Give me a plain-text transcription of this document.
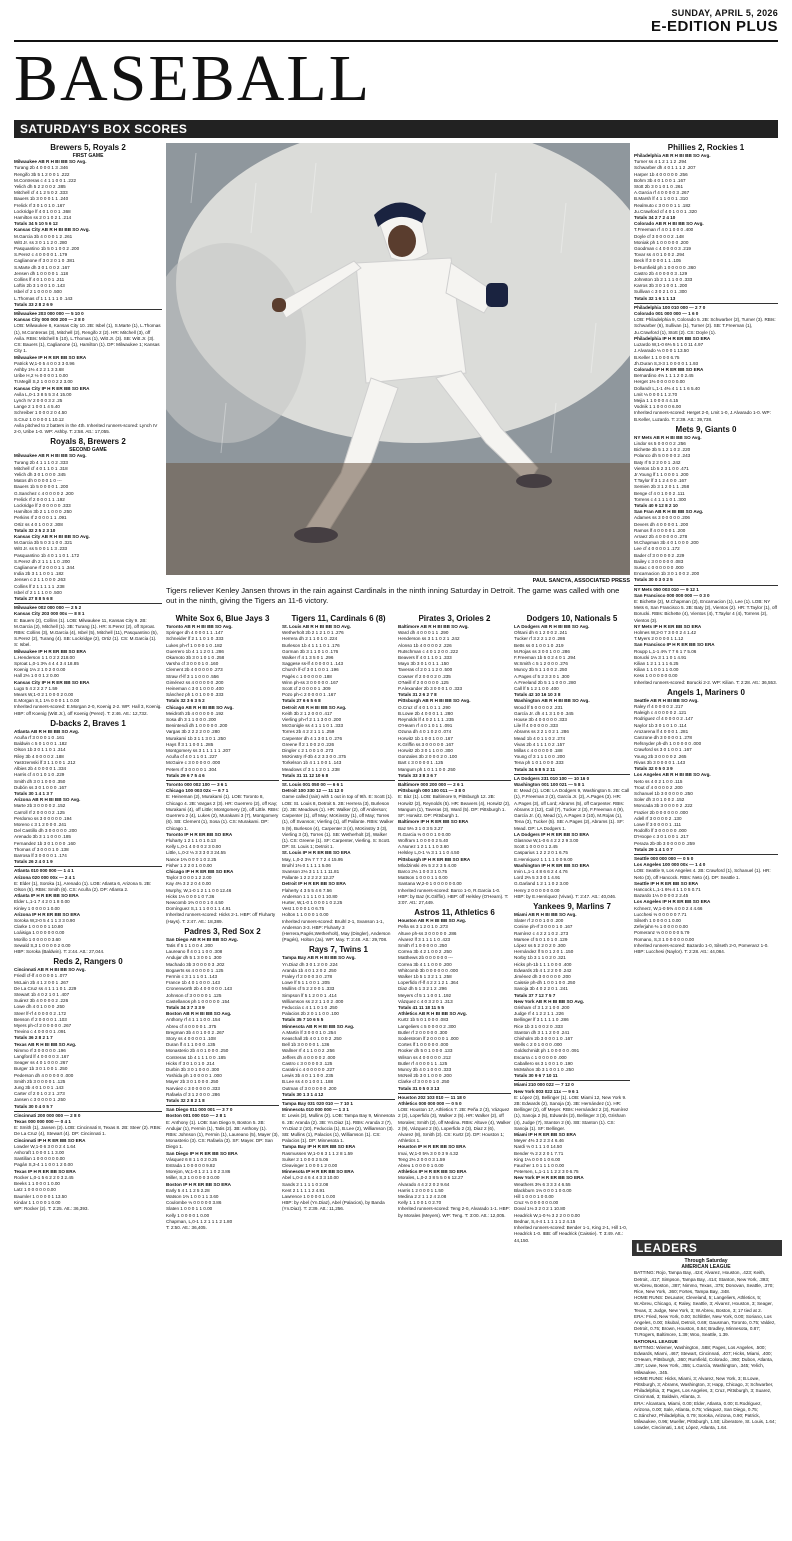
SUNDAY, APRIL 5, 2026
E-EDITION PLUS
BASEBALL
SATURDAY'S BOX SCORES
Brewers 5, Royals 2
FIRST GAME
Milwaukee AB R H BI BB SO Avg.
Turang 2b 4 0 0 0 1 3 .346
Rengifo 3b 5 1 2 0 0 1 .222
M.Contreras c 4 1 1 0 0 1 .222
Yelich dh 5 2 2 0 0 2 .385
Mitchell cf 4 1 2 5 0 2 .333
Bauers 1b 3 0 0 0 1 1 .240
Frelick rf 3 0 1 0 1 0 .167
Lockridge lf 4 0 1 0 0 1 .368
Hamilton ss 2 0 1 0 2 1 .214
Totals 34 5 10 5 6 12
Kansas City AB R H BI BB SO Avg.
M.Garcia 3b 4 0 0 0 1 2 .261
Witt Jr. ss 3 0 1 1 2 0 .280
Pasquantino 1b 5 0 1 0 0 2 .200
S.Perez c 4 0 0 0 0 1 .179
Caglianone rf 3 0 2 0 1 0 .381
S.Marte dh 3 0 1 0 0 2 .167
Jensen dh 1 0 0 0 0 1 .118
Collins lf 4 0 1 0 0 1 .211
Loftin 2b 3 1 0 0 1 0 .143
Isbel cf 2 1 0 0 0 0 .500
L.Thomas cf 1 1 1 1 1 0 .143
Totals 33 2 8 2 6 9
Milwaukee 203 000 000 — 5 10 0
Kansas City 000 000 200 — 2 8 0

LOB: Milwaukee 8, Kansas City 10. 2B: Isbel (1), S.Marte (1), L.Thomas (1), M.Contreras (3), Mitchell (2), Rengifo 2 (2). HR: Mitchell (3), off Avila. RBIs: Mitchell 5 (10), L.Thomas (1), Witt Jr. (3). SB: Witt Jr. (3). CS: Bauers (1), Caglianone (1), Hamilton (1). DP: Milwaukee 1; Kansas City 1.

Milwaukee IP H R ER BB SO ERA
Patrick W,1-0 5 4 0 0 3 3 0.96
Ashby 1⅔ 4 2 2 1 3 3.68
Uribe H,2 ⅓ 0 0 0 0 1 0.00
Tr.Megill S,2 1 0 0 0 2 2 3.00
Kansas City IP H R ER BB SO ERA
Avila L,0-1 3 8 5 5 3 4 15.00
Lynch IV 2 0 0 0 3 2 .25
Lange 2 1 0 0 1 4 5.40
Schreiber 1 0 0 0 2 0 4.50
S.Cruz 1 0 0 0 0 1 10.12

Avila pitched to 2 batters in the 4th. Inherited runners-scored: Lynch IV 2-0, Uribe 1-0. WP: Ashby. T: 2:58. Att.: 17,055.

Royals 8, Brewers 2
SECOND GAME
Milwaukee AB R H BI BB SO Avg.
Turang 2b 4 1 1 1 0 2 .333
Mitchell cf 4 0 1 1 0 1 .318
Yelich dh 3 0 1 0 0 0 .345
Matos dh 0 0 0 0 1 0 ---
Bauers 1b 5 0 0 0 0 1 .200
G.Sanchez c 4 0 0 0 0 2 .200
Frelick rf 2 0 0 0 1 1 .192
Lockridge lf 2 0 0 0 0 0 .333
Hamilton 3b 2 1 1 0 0 0 .250
Perkins rf 2 0 0 0 1 1 .091
Ortiz ss 4 0 1 0 0 2 .308
Totals 32 2 5 2 3 10
Kansas City AB R H BI BB SO Avg.
M.Garcia 3b 5 0 3 1 0 0 .321
Witt Jr. ss 5 0 0 1 1 3 .233
Pasquantino 1b 4 0 1 1 0 1 .172
S.Perez dh 2 1 1 1 1 0 .200
Caglianone rf 2 0 0 0 1 1 .344
India 2b 3 1 1 0 0 1 .182
Jensen c 2 1 1 0 0 0 .263
Collins lf 2 1 1 1 1 1 .238
Isbel cf 2 1 1 1 0 0 .500
Totals 27 8 8 5 6 8
Milwaukee 002 000 000 — 2 5 2
Kansas City 203 000 00x — 8 8 1

E: Bauers (2), Collins (1). LOB: Milwaukee 11, Kansas City 9. 2B: M.Garcia (2), Mitchell (1). 3B: Turang (1). HR: S.Perez (2), off Sproat. RBIs: Collins (3), M.Garcia (4), Isbel (5), Mitchell (11), Pasquantino (5), S.Perez (2), Turang (4). SB: Lockridge (2), Ortiz (1). CS: M.Garcia (1). S: Isbel.

Milwaukee IP H R ER BB SO ERA
L.Henderson 1 1 0 2 2 218.00
Sproat L,0-1 3⅔ 4 4 4 3 4 18.85
Koenig 1⅓ 2 1 0 2 0 0.00
Hall 2⅓ 1 0 0 1 2 0.00
Kansas City IP H R ER BB SO ERA
Lugo 5 4 2 2 2 7 1.59
Mears W,1-0 2 1 0 0 0 2 0.00
E.Morgan S,1 1⅔ 0 0 0 1 1 0.00

Inherited runners-scored: E.Morgan 2-0, Koenig 2-2. WP: Hall 3, Koenig. HBP: off Koenig (Witt Jr.), off Koenig (Perez). T: 2:46. Att.: 12,732.

D-backs 2, Braves 1
Atlanta AB R H BI BB SO Avg.
Acuña rf 3 0 0 0 1 0 .161
Baldwin c 5 0 1 0 0 1 .182
Olson 1b 3 0 1 1 0 1 .314
Riley 3b 4 0 0 0 0 2 .188
Yastrzemski lf 3 1 1 0 0 1 .212
Albies 2b 4 0 0 0 0 1 .334
Harris cf 4 0 1 0 1 0 .229
Smith dh 3 0 1 0 0 0 .350
Dubón ss 3 0 1 0 0 0 .167
Totals 30 1 4 1 3 7
Arizona AB R H BI BB SO Avg.
Marte 2b 3 0 0 0 0 2 .152
Carroll rf 2 0 0 0 0 2 .125
Perdomo ss 3 0 0 0 0 0 .194
Moreno c 3 1 2 0 0 0 .241
Del Castillo dh 3 0 0 0 0 0 .200
Arenado 3b 3 1 1 0 0 0 .185
Fernandez 1b 3 0 1 0 0 0 .160
Thomas cf 3 0 0 0 1 0 .138
Barrosa lf 3 0 0 0 0 1 .174
Totals 26 2 4 0 1 9
Atlanta 010 000 000 — 1 4 1
Arizona 020 000 00x — 2 4 1

E: Elder (1), Soroka (1), Arenado (1). LOB: Atlanta 6, Arizona 5. 2B: Olson (5). RBIs: Smith (6). CS: Acuña (2). DP: Atlanta 2.

Atlanta IP H R ER BB SO ERA
Elder L,1-1 7 4 2 0 1 8 0.00
Kinley 1 0 0 0 0 1 0.00
Arizona IP H R ER BB SO ERA
Soroka W,2-0 5 4 1 1 3 3 0.90
Clarke 1 0 0 0 0 1 10.80
Loáisiga 1 0 0 0 0 0 0.00
Morillo 1 0 0 0 0 0 3.60
Sewald S,3 1 0 0 0 0 2 0.00

HBP: Soroka (Baldwin). T: 2:44. Att.: 27,044.

Reds 2, Rangers 0
Cincinnati AB R H BI BB SO Avg.
Friedl cf-lf 4 0 0 0 0 1 .077
McLain 2b 4 1 2 0 0 1 .267
De La Cruz ss 4 1 1 1 0 1 .229
Stewart 1b 4 0 2 1 0 1 .407
Suárez 3b 4 0 0 0 0 2 .226
Lowe dh 4 0 1 0 0 0 .250
Steer lf-rf 4 0 0 0 0 2 .172
Benson rf 2 0 0 0 0 1 .103
Myers ph-cf 2 0 0 0 0 0 .267
Trevino c 4 0 0 0 0 1 .091
Totals 36 2 8 2 1 7
Texas AB R H BI BB SO Avg.
Nimmo rf 3 0 0 0 0 0 .196
Langford lf 4 0 0 0 0 3 .167
Seager ss 4 0 1 0 0 0 .267
Burger 1b 3 0 1 0 0 1 .250
Pederson dh 4 0 0 0 0 0 .000
Smith 2b 3 0 0 0 0 1 .125
Jung 3b 4 0 1 0 0 1 .143
Carter cf 2 0 1 0 2 1 .273
Jansen c 3 0 0 0 0 1 .250
Totals 30 0 4 0 5 7
Cincinnati 200 000 000 — 2 8 0
Texas 000 000 000 — 0 4 1

E: Smith (1), Jansen (2). LOB: Cincinnati 8, Texas 8. 2B: Steer (2). RBIs: De La Cruz (4), Stewart (4). DP: Cincinnati 1.

Cincinnati IP H R ER BB SO ERA
Lowder W,1-0 6 3 0 0 2 4 1.64
Ashcraft 1 0 0 0 1 1 3.00
Santillan 1 0 0 0 0 0 0.00
Pagán S,3-4 1 1 0 0 1 2 0.00
Texas IP H R ER BB SO ERA
Rocker L,0-1 5 6 2 2 0 3 2.45
Beeks 1 1 0 0 0 1 0.00
Latz 1 0 0 0 0 0 0.00
Baumler 1 0 0 0 0 1 13.50
Kindar 1 1 0 0 0 1 0.00

WP: Rocker (2). T: 2:25. Att.: 36,393.

PAUL SANCYA, ASSOCIATED PRESS
Tigers reliever Kenley Jansen throws in the rain against Cardinals in the ninth inning Saturday in Detroit. The game was called with one out in the ninth, giving the Tigers an 11-6 victory.
White Sox 6, Blue Jays 3
Toronto AB R H BI BB SO Avg.
Springer dh 4 0 0 0 1 1 .147
Schneider lf 2 1 1 0 1 0 .333
Lukes ph-rf 1 0 0 0 1 0 .182
Guerrero 1b 4 1 1 2 0 1 .286
Okamoto 3b 3 0 1 0 1 0 .258
Varsho cf 3 0 0 0 1 0 .160
Clement 2b 4 0 0 0 0 0 .273
Straw rf-lf 3 1 1 0 0 0 .556
Giménez ss 4 0 0 0 0 0 .200
Heineman c 3 0 1 0 0 0 .400
Sánchez ph 1 0 1 0 0 0 .333
Totals 32 3 6 3 5 2
Chicago AB R H BI BB SO Avg.
Meidroth 2b 4 0 0 0 0 0 .192
Sosa dh 3 1 1 0 0 0 .200
Benintendi dh 1 0 0 0 0 0 .200
Vargas 3b 2 2 2 2 0 0 .280
Murakami 1b 3 1 1 3 0 1 .250
Hays lf 3 1 1 0 0 1 .285
Montgomery ss 3 1 1 1 1 1 .207
Acuña cf 4 0 1 1 0 1 .227
McGuire c 3 0 0 0 0 0 .000
Peters rf 3 0 0 0 0 1 .304
Totals 29 6 7 5 4 6
Toronto 000 002 100 — 3 6 1
Chicago 100 003 02x — 6 7 1

E: Heineman (2), Murakami (1). LOB: Toronto 8, Chicago 4. 2B: Vargas 2 (3). HR: Guerrero (2), off Kay; Murakami (4), off Little; Montgomery (2), off Little. RBIs: Guerrero 2 (4), Lukes (2), Murakami 3 (7), Montgomery (6). SB: Clement (1), Sosa (1). CS: Murakami. DP: Chicago 1.

Toronto IP H R ER BB SO ERA
Fluharty 1 2 1 1 0 1 0.13
Kelly L,0-1 4 0 0 0 2 3 0.00
Little, L,0-2 ⅓ 3 3 3 0 3 24.55
Nance 1⅔ 0 0 0 1 0 2.25
Fisher 1 2 2 0 1 0 0.00
Chicago IP H R ER BB SO ERA
Taylor 3 0 0 0 1 2 2.00
Kay 4⅔ 3 2 2 0 4 0.00
Murphy, W,1-0 1 2 1 1 0 0 12.46
Hicks 1⅓ 0 0 0 1 0 7.36
Newcomb 1⅔ 0 0 0 1 0 4.50
Domínguez S,1 1 1 0 0 1 1 4.91

Inherited runners-scored: Hicks 2-1. HBP: off Fluharty (Hays). T: 2:47. Att.: 18,389.

Padres 3, Red Sox 2
San Diego AB R H BI BB SO Avg.
Tatis rf 5 1 1 0 0 4 .200
Laureano lf 4 0 1 1 0 0 .308
Andujar dh 5 1 3 0 0 1 .300
Machado 3b 3 0 0 0 0 3 .202
Bogaerts ss 4 0 0 0 0 1 .125
Fermin c 3 1 1 1 0 1 .143
France 1b 4 0 1 0 0 0 .143
Cronenworth 2b 4 0 0 0 0 0 .143
Johnson cf 3 0 0 0 0 1 .125
Castellanos ph 1 0 0 0 0 0 .154
Totals 34 3 7 3 3 9
Boston AB R H BI BB SO Avg.
Anthony rf 4 1 1 1 0 0 .154
Abreu cf 4 0 0 0 0 1 .375
Bregman 3b 4 0 1 0 0 2 .267
Story ss 4 0 0 0 0 1 .108
Duran lf 4 1 1 0 0 0 .135
Monasterio 2b 4 0 1 0 0 0 .250
Contreras 1b 4 1 1 1 0 0 .185
Hicks rf 3 0 1 0 1 0 .214
Durbin 3b 3 0 1 0 0 0 .300
Yoshida ph 1 0 0 0 0 1 .000
Mayer 2b 3 0 1 0 0 0 .250
Narváez c 3 0 0 0 0 0 .333
Rafaela cf 3 1 2 0 0 0 .286
Totals 32 2 8 2 1 8
San Diego 011 000 001 — 3 7 0
Boston 001 000 010 — 2 8 1

E: Anthony (1). LOB: San Diego 9, Boston 5. 2B: Andujar (1), Fermin (1), Tatis (2). 3B: Anthony (1). RBIs: Johnson (1), Fermin (1), Laureano (5), Mayer (3), Monasterio (3). CS: Rafaela (3). SF: Mayer. DP: San Diego 1.

San Diego IP H R ER BB SO ERA
Vásquez 6 8 1 1 0 2 0.25
Estrada 1 0 0 0 0 0 9.82
Morejon, W,1-0 1 2 1 1 0 2 3.86
Miller, S,3 1 0 0 0 0 3 0.00
Boston IP H R ER BB SO ERA
Early 5 4 1 1 2 5 2.28
Watson 1⅔ 1 0 0 1 1 3.60
Coulombe ⅓ 0 0 0 0 0 3.86
Slaten 1 0 0 0 1 1 0.00
Kelly 1 0 0 0 0 1 0.00
Chapman, L,0-1 1 2 1 1 1 2 1.80

T: 2:50. Att.: 36,405.

Tigers 11, Cardinals 6 (8)
St. Louis AB R H BI BB SO Avg.
Wetherholt 2b 2 1 2 1 0 1 .276
Herrera dh 2 1 1 0 1 0 .224
Burleson 1b 4 1 1 1 0 1 .176
Gorman 3b 3 1 1 0 1 0 .176
Walker rf 4 1 3 5 0 1 .296
Saggese ss-lf 4 0 0 0 0 1 .143
Church lf-cf 3 0 1 0 0 1 .196
Pagés c 1 0 0 0 0 0 .188
Winn ph-ss 3 0 0 0 0 0 .167
Scott cf 2 0 0 0 0 1 .309
Pozo ph-c 2 0 0 0 0 1 .167
Totals 27 6 6 5 6 8
Detroit AB R H BI BB SO Avg.
Keith 3b 2 1 2 0 0 0 .417
Vierling ph-rf 2 1 1 3 0 0 .200
McGonigle ss 4 1 1 1 0 1 .333
Torres 2b 4 2 2 1 1 1 .259
Carpenter dh 4 1 3 0 1 0 .276
Greene lf 2 1 0 0 2 0 .226
Dingler c 2 1 0 0 1 0 .273
McKinstry rf-3b 4 2 3 3 0 0 .375
Torkelson 1b 4 1 1 0 0 1 .143
Meadows cf 3 1 1 2 0 1 .238
Totals 31 11 12 10 6 8
St. Louis 001 050 00 — 6 6 1
Detroit 100 330 12 — 11 12 0

Game called (rain) with 1 out in top of 9th. E: Scott (1). LOB: St. Louis 8, Detroit 5. 2B: Herrera (3), Burleson (2). 3B: Meadows (1). HR: Walker (2), off Anderson; Carpenter (1), off May; McKinstry (1), off May; Torres (1), off Svanson; Vierling (1), off Pallante. RBIs: Walker 5 (9), Burleson (4), Carpenter 3 (4), McKinstry 3 (3), Vierling 3 (3), Torres (1). SB: Wetherholt (2), Walker (1). CS: Greene (1). SF: Carpenter, Vierling. S: Scott. DP: St. Louis 1; Detroit 1.

St. Louis IP H R ER BB SO ERA
May, L,0-2 3⅓ 7 7 7 2 4 15.95
Bruihl 1⅔ 0 1 1 1 1 5.06
Svanson 2⅓ 3 1 1 1 1 11.81
Pallante 1 2 2 2 2 2 12.27
Detroit IP H R ER BB SO ERA
Flaherty 4 3 5 5 4 6 7.56
Anderson 1 1 1 1 0 1 10.80
Hurter, W,1-0 1 0 0 0 1 0 2.25
Vest 1 0 0 0 1 0 6.75
Holton 1 1 0 0 0 1 0.00

Inherited runners-scored: Bruihl 2-1, Svanson 1-1, Anderson 3-3. HBP: Fluharty 3 (Herrera,Pagés,Wetherholt), May (Dingler), Anderson (Pagés), Holton (Ja). WP: May. T: 2:48. Att.: 29,708.

Rays 7, Twins 1
Tampa Bay AB R H BI BB SO Avg.
Yn.Diaz dh 3 0 1 2 0 0 .224
Aranda 1b 4 0 1 2 0 2 .250
Fraley rf 2 0 0 0 3 0 .278
Lowe lf 5 1 1 0 0 1 .205
Mullins cf 5 2 2 0 0 1 .333
Simpson lf 5 1 2 0 0 1 .414
Williamson ss 2 2 1 1 0 2 .000
Feduccia c 4 1 1 0 1 0 .250
Palacios 2b 2 0 1 1 0 0 .100
Totals 35 7 10 6 5 5
Minnesota AB R H BI BB SO Avg.
A.Martin lf 3 0 0 0 1 0 .254
Keaschall 2b 4 0 1 0 0 2 .250
Bell 1b 3 0 0 0 0 1 .136
Wallner rf 4 1 1 0 0 2 .256
Jeffers dh 4 0 0 0 0 2 .000
Castro c 3 0 0 0 0 3 .125
Caratini c 4 0 0 0 0 0 .227
Lewis 3b 4 0 1 1 0 0 .235
B.Lee ss 4 0 1 0 0 1 .188
Outman cf 3 0 0 0 0 0 .200
Totals 30 1 3 1 4 12
Tampa Bay 031 020 010 — 7 10 1
Minnesota 010 000 000 — 1 3 1

E: Lewis (2), Mullins (2). LOB: Tampa Bay 9, Minnesota 6. 2B: Aranda (2). 3B: Yn.Diaz (1). RBIs: Aranda 2 (7), Yn.Diaz 2 (10), Feduccia (1), B.Lee (2), Williamson (3). SB: Mullins (1), Palacios (1), Williamson (1). CS: Palacios (1). DP: Minnesota 1.

Tampa Bay IP H R ER BB SO ERA
Rasmussen W,1-0 6 3 1 1 2 8 1.59
Sulser 2 1 0 0 0 2 5.06
Cleavinger 1 0 0 0 1 2 0.00
Minnesota IP H R ER BB SO ERA
Abel L,0-2 4 6 4 4 3 3 10.00
Sands 2 1 1 1 1 0 2.08
Kent 2 1 1 1 1 2 4.91
Lawrence 1 0 0 0 0 1 0.00

HBP: by Abel (Yn.Diaz), Abel (Palacios), by Banda (Yn.Diaz). T: 2:39. Att.: 11,256.

Pirates 3, Orioles 2
Baltimore AB R H BI BB SO Avg.
Ward dh 4 0 0 0 1 1 .290
Henderson ss 3 1 1 0 2 1 .242
Alonso 1b 4 0 0 0 0 2 .226
Rutschman c 4 0 1 2 0 0 .222
Beavers lf 4 0 1 1 0 1 .333
Mayo 3b 3 0 1 0 1 1 .150
Taveras cf 2 0 1 1 2 0 .500
Cowser rf 2 0 0 0 2 0 .235
O'Neill rf 2 0 0 0 0 0 .125
P.Alexander 2b 3 0 0 0 1 0 .333
Totals 31 2 6 2 7 8
Pittsburgh AB R H BI BB SO Avg.
O.Cruz cf 4 0 1 0 1 1 .290
B.Lowe 2b 4 0 0 0 1 1 .280
Reynolds lf 4 0 2 1 1 1 .235
O'Hearn rf 4 0 1 0 1 1 .091
Ozuna dh 4 0 1 0 2 0 .074
Horwitz 1b 1 0 0 1 0 0 .167
K.Griffin ss 3 0 0 0 0 0 .167
Horwitz 2b 3 0 1 1 0 0 .300
Gonzales 3b 2 0 0 0 2 0 .100
Bart c 3 0 0 0 0 1 .125
Mangum ph 1 0 1 1 0 0 .250
Totals 33 3 8 3 6 7
Baltimore 000 200 000 — 2 6 1
Pittsburgh 000 100 011 — 3 8 0

E: Bàz (1). LOB: Baltimore 9, Pittsburgh 12. 2B: Horwitz (2), Reynolds (5). HR: Beavers (4), Horwitz (2), Mangum (1), Taveras (3), Ward (5). DP: Pittsburgh 1. SF: Horwitz. DP: Pittsburgh 1.

Baltimore IP H R ER BB SO ERA
Baz 5⅔ 3 1 0 3 5 3.27
R.Garcia ⅓ 0 0 0 1 0 0.00
Wolfram 1 0 0 0 0 2 5.40
A.Nunez 1 2 1 1 1 0 3.60
Helsley L,0-1 ⅓ 3 1 1 1 0 4.50
Pittsburgh IP H R ER BB SO ERA
Mlodzinski 4⅔ 5 2 2 3 5 4.00
Barco 2⅓ 1 0 0 3 1 0.75
Mattson 1 0 0 0 1 1 0.00
Santana W,2-0 1 0 0 0 0 0 0.00

Inherited runners-scored: Barco 1-0, R.Garcia 1-0. HBP: by Baz (K.Griffin). HBP: off Helsley (O'Hearn). T: 3:07. Att.: 27,449.

Astros 11, Athletics 6
Houston AB R H BI BB SO Avg.
Peña ss 3 1 2 0 1 0 .273
Altuve ph-ss 3 0 0 0 0 0 .286
Alvarez lf 3 1 1 1 1 0 .423
Smith rf 1 0 0 0 0 0 .250
Correa 3b 4 2 1 0 0 2 .250
Matthews 2b 0 0 0 0 0 0 ---
Correa 3b 4 1 1 0 0 0 .200
Whitcomb 3b 0 0 0 0 0 0 .000
Walker 1b 5 1 3 2 1 1 .258
Loperfido rf-lf 4 2 2 1 2 1 .364
Diaz dh 5 1 3 2 1 2 .296
Meyers cf 5 1 1 0 0 1 .192
Vázquez c 4 0 3 2 0 1 .313
Totals 41 11 18 11 5 5
Athletics AB R H BI BB SO Avg.
Kurtz 1b 5 0 1 0 0 0 .083
Langeliers c 5 0 0 0 0 2 .300
Butler rf 2 0 0 0 0 0 .300
Soderstrom lf 2 0 0 0 0 1 .000
Cortes lf 1 0 0 0 0 0 .000
Rooker dh 5 0 1 0 0 0 .133
Wilson ss 4 0 0 0 0 0 .212
Butler rf 4 0 0 0 1 1 .125
Muncy 3b 4 0 1 0 0 0 .333
McNeil 2b 3 0 1 0 0 0 .200
Clarke cf 3 0 0 0 1 0 .250
Totals 31 0 5 0 3 13
Houston 202 103 010 — 11 18 0
Athletics 000 000 000 — 0 5 0

LOB: Houston 17, Athletics 7. 2B: Peña 2 (3), Vázquez 2 (2), Loperfido (3), Walker 2 (5). HR: Walker (2), off Morales; Smith (2), off Medina. RBIs: Altuve (4), Walker 2 (9), Vázquez 2 (5), Loperfido 2 (3), Diaz 2 (6), Alvarez (8), Smith (2). CS: Kurtz (2). DP: Houston 1; Athletics 1.

Houston IP H R ER BB SO ERA
Imai, W,1-0 5⅔ 3 0 0 3 9 4.32
Teng 2⅓ 2 0 0 0 3 1.59
Abreu 1 0 0 0 0 1 0.00
Athletics IP H R ER BB SO ERA
Morales, L,0-2 3 8 5 5 0 6 12.27
Alvarado 4 4 2 2 0 2 9.64
Harris 1 2 0 0 0 1 1.50
Medina 2 2 1 1 2 4 2.08
Kelly 1 1 0 0 1 0 2.70

Inherited runners-scored: Teng 2-0, Alvarado 1-1. HBP: by Morales (Meyers). WP: Teng. T: 3:00. Att.: 12,005.

Dodgers 10, Nationals 5
LA Dodgers AB R H BI BB SO Avg.
Ohtani dh 6 1 2 0 0 2 .241
Tucker rf 3 2 2 1 2 0 .286
Betts ss 0 1 0 0 1 0 .219
M.Rojas ss 3 0 0 1 0 0 .286
F.Freeman 1b 5 0 2 4 0 1 .294
W.Smith c 5 1 2 0 0 0 .276
Muncy 3b 5 1 1 0 0 2 .250
A.Pages cf 5 2 3 3 0 1 .300
A.Freeland 2b 5 1 1 0 0 0 .280
Call lf 5 1 2 1 0 0 .400
Totals 42 10 16 10 3 8
Washington AB R H BI BB SO Avg.
Wood lf 5 0 0 0 0 2 .231
García Jr. dh 4 1 3 1 0 0 .345
House 3b 4 0 0 0 0 0 .333
Lile lf 4 0 0 0 0 0 .333
Abrams ss 2 2 1 0 2 1 .286
Mead 1b 4 0 1 1 0 2 .274
Vivas 2b 4 1 1 1 0 2 .157
Millas c 4 0 0 0 0 0 .188
Young cf 3 1 1 1 0 0 .200
Tena ph 1 0 1 0 0 0 .333
Totals 34 5 8 5 2 11
LA Dodgers 231 010 100 — 10 16 0
Washington 001 100 021 — 5 8 1

E: Mead (1). LOB: LA Dodgers 9, Washington 5. 2B: Call (1), F.Freeman 2 (3), García Jr. (2), A.Pages (3). HR: A.Pages (3), off Lord; Abrams (5), off Carpenter. RBIs: Abrams 2 (12), Call (7), Tucker 2 (3), F.Freeman 4 (9), García Jr. (4), Mead (1), A.Pages 3 (10), M.Rojas (1), Tena (3), Tucker (5). SB: A.Pages (2), Abrams (1). SF: Mead. DP: LA Dodgers 1.

LA Dodgers IP H R ER BB SO ERA
Glasnow W,1-0 6 4 2 2 2 9 3.00
Scott 1 0 0 0 0 1 2.45
Casparius 1 2 2 2 0 1 6.75
E.Henriquez 1 1 1 1 0 0 9.00
Washington IP H R ER BB SO ERA
Irvin L,1-1 4 8 6 6 2 4 4.76
Lord 2⅔ 5 3 3 0 1 4.91
G.Garland 1 2 1 1 0 2 3.00
Henry 2 0 0 0 0 0 0.00

HBP: by E.Henriquez (Vivas). T: 2:47. Att.: 40,046.

Yankees 9, Marlins 7
Miami AB R H BI BB SO Avg.
Slater rf 2 0 0 1 0 0 .200
Conine ph-rf 3 0 0 0 1 0 .167
Ramírez c 4 2 2 1 0 2 .273
Marsee cf 5 0 1 0 1 0 .129
López ss 5 2 2 0 2 0 .300
Hernández lf 5 0 1 2 0 1 .150
Norby 1b 3 1 1 0 2 0 .321
Hicks ph-1b 1 1 1 0 0 0 .400
Edwards 2b 4 1 2 2 0 0 .242
Jiménez dh 3 0 0 0 0 0 .200
Caissie ph-dh 1 0 0 1 0 0 .250
Sanoja 3b 4 0 2 2 0 1 .241
Totals 37 7 12 7 5 7
New York AB R H BI BB SO Avg.
Grisham cf 3 1 2 1 0 0 .200
Judge rf 4 1 2 2 1 1 .226
Bellinger lf 3 1 1 1 1 0 .286
Rice 1b 3 1 0 0 2 0 .333
Stanton dh 3 1 1 2 0 0 .241
Chisholm 2b 3 0 0 0 1 0 .167
Wells c 2 0 1 0 0 0 .000
Goldschmidt ph 1 0 0 0 0 0 .091
Escarra c 1 0 0 0 0 0 .000
Caballero ss 3 1 0 0 1 0 .190
McMahon 3b 3 1 0 0 1 0 .250
Totals 30 9 6 7 10 11
Miami 210 000 022 — 7 12 0
New York 003 022 11x — 9 6 1

E: López (3), Bellinger (1). LOB: Miami 12, New York 9. 2B: Edwards (2), Sanoja (3). 3B: Hernández (1). HR: Bellinger (2), off Meyer. RBIs: Hernández 2 (3), Ramírez (1), Sanoja 2 (5), Edwards (2), Bellinger 3 (3), Grisham (4), Judge (7), Stanton 2 (6). SB: Stanton (1). CS: Sanoja (1). SF: Bellinger.

Miami IP H R ER BB SO ERA
Meyer 4⅔ 3 2 2 3 4 6.46
Nardi ⅓ 0 1 1 1 0 14.50
Bender ⅔ 2 2 2 0 1 7.71
King 1⅓ 0 0 0 1 0 6.00
Faucher 1 0 1 1 1 0 0.00
Petersen, L,1-1 1 1 2 2 3 0 6.75
New York IP H R ER BB SO ERA
Weathers 3⅔ 6 3 3 3 4 6.55
Blackburn 1⅓ 0 0 0 1 0 0.00
Hill 1 0 0 0 1 0 0.00
Cruz ⅔ 0 0 0 0 0 0.00
Doval 1⅓ 3 2 0 2 1 10.80
Headrick W,1-0 ⅔ 3 2 2 0 0 0.00
Bednar, S,4-4 1 1 1 1 1 2 4.15

Inherited runners-scored: Bender 1-1, King 2-1, Hill 1-0, Headrick 1-0. IBB: off Headrick (Caissie). T: 3:49. Att.: 44,150.

Phillies 2, Rockies 1
Philadelphia AB R H BI BB SO Avg.
Turner ss 4 1 2 1 1 2 .294
Schwarber dh 4 0 1 1 1 2 .207
Harper 1b 4 0 0 0 0 0 .256
Bohm 3b 4 0 1 0 0 1 .167
Stott 2b 3 0 1 0 1 0 .261
A.Garcia rf 4 0 0 0 0 3 .267
B.Marsh lf 4 1 1 0 0 1 .310
Realmuto c 3 0 0 0 1 1 .182
Ju.Crawford cf 4 0 1 0 0 1 .320
Totals 34 2 7 2 4 10
Colorado AB R H BI BB SO Avg.
T.Freeman rf 4 0 1 0 0 0 .400
Doyle cf 3 0 0 0 0 2 .148
Moniak ph 1 0 0 0 0 0 .200
Goodman c 4 0 0 0 0 3 .219
Tovar ss 4 0 1 0 0 2 .294
Beck lf 3 0 0 0 1 1 .105
b-Rumfield ph 1 0 0 0 0 0 .360
Castro 2b 4 0 0 0 0 3 .129
Johnston 1b 2 1 1 1 0 0 .333
Karros 3b 3 0 1 0 0 1 .200
Sullivan c 3 0 2 1 0 1 .300
Totals 32 1 6 1 1 13
Philadelphia 100 010 000 — 2 7 0
Colorado 001 000 000 — 1 6 0

LOB: Philadelphia 9, Colorado 5. 2B: Schwarber (2), Turner (3). RBIs: Schwarber (6), Sullivan (1), Turner (2). SB: T.Freeman (1), Ju.Crawford (1), Stott (2). CS: Doyle (1).

Philadelphia IP H R ER BB SO ERA
Luzardo W,1-0 6⅔ 5 1 1 0 11 4.97
J.Alvarado ⅓ 0 0 0 1 13.50
B.Keller 1 1 0 0 0 6.75
Jh.Duran S,3-3 1 0 0 0 0 1 1.93
Colorado IP H R ER BB SO ERA
Bernardino 4⅓ 1 1 1 2 0 2.45
Herget 1⅔ 0 0 0 0 0 0.00
Dollandr L,1-1 4⅔ 4 1 1 1 6 5.40
Lmit ⅓ 0 0 0 1 1 2.70
Mejia 1 1 0 0 0 4 4.15
Vodnik 1 1 0 0 0 0 6.00

Inherited runners-scored: Herget 2-0, Lmit 1-0, J.Alvarado 1-0. WP: B.Keller, Luzardo. T: 2:39. Att.: 39,738.

Mets 9, Giants 0
NY Mets AB R H BI BB SO Avg.
Lindor ss 5 0 0 0 0 2 .256
Bichette 3b 5 1 2 1 0 2 .220
Polanco dh 5 0 0 0 0 2 .243
Baty rf 5 2 2 0 0 1 .242
Vientos 1b 5 2 3 1 0 0 .471
Jr.Young lf 1 1 0 0 0 1 .200
T.Taylor lf 3 1 2 4 0 0 .167
Semien 2b 3 1 2 0 1 1 .258
Benge cf 4 0 1 0 0 2 .111
Torrens c 4 1 1 1 0 1 .300
Totals 40 9 12 8 2 10
San Fran AB R H BI BB SO Avg.
Adames ss 3 0 0 0 0 0 .206
Devers dh 4 0 0 0 0 1 .200
Ramos lf 4 0 0 0 0 1 .200
Arraez 2b 4 0 0 0 0 0 .278
M.Chapman 3b 4 0 1 0 0 0 .200
Lee cf 4 0 0 0 0 1 .172
Bader cf 3 0 0 0 0 2 .229
Bailey c 3 0 0 0 0 0 .083
Susac c 0 0 0 0 0 0 .000
Encarnacion 1b 3 0 1 0 0 2 .200
Totals 30 0 3 0 2 5
NY Mets 050 003 010 — 9 12 1
San Francisco 000 000 000 — 0 3 0

E: Bichette (2), M.Chapman (2), Encarnacion (1), Lee (1). LOB: NY Mets 6, San Francisco 5. 2B: Baty (2), Vientos (2). HR: T.Taylor (1), off Borucki. RBIs: Bichette (4), Vientos (4), T.Taylor 4 (4), Torrens (2), Vientos (3).

NY Mets IP H R ER BB SO ERA
Holmes W,2-0 7 3 0 0 2 4 1.42
T.Myers 2 0 0 0 0 1 1.12
San Francisco IP H R ER BB SO ERA
Roupp L,1-1 4⅔ 7 7 6 1 7 5.06
Borucki 1⅓ 3 1 1 0 1 4.91
Kilian 1 2 1 1 1 1 6.25
Kilian 1 1 0 0 1 1 0.00
Kess 1 0 0 0 0 0 0.00

Inherited runners-scored: Borucki 2-2. WP: Kilian. T: 2:28. Att.: 36,553.

Angels 1, Mariners 0
Seattle AB R H BI BB SO Avg.
Raley rf 4 0 0 0 0 2 .217
Raleigh c 4 0 0 0 0 2 .121
Rodriguez cf 4 0 0 0 0 2 .147
Naylor 1b 3 0 1 0 1 0 .114
Arozarena lf 4 0 0 0 1 .281
Canzone dh 3 0 0 0 0 1 .278
Refsnyder ph-dh 1 0 0 0 0 0 .000
Crawford ss 3 0 1 0 0 1 .167
Young 2b 3 0 0 0 0 2 .265
Rivas 3b 3 0 0 0 0 1 .143
Totals 32 0 5 0 3 9
Los Angeles AB R H BI BB SO Avg.
Neto ss 4 0 2 1 0 0 .115
Trout cf 4 0 0 0 0 2 .200
Schanuel 1b 3 0 0 0 0 0 .250
Soler dh 3 0 1 0 0 2 .152
Moncada 3b 3 0 0 0 0 2 .222
Frazier 2b 0 0 0 0 0 0 .000
Adell rf 3 0 0 0 0 2 .130
Lowe lf 3 0 0 0 0 1 .111
Rodolfo lf 3 0 0 0 0 0 .000
D'Hoope c 3 0 1 0 0 1 .217
Peraza 2b-3b 3 0 0 0 0 0 .259
Totals 29 1 4 1 0 7
Seattle 000 000 000 — 0 5 0
Los Angeles 100 000 00x — 1 4 0

LOB: Seattle 9, Los Angeles 4. 2B: Crawford (1), Schanuel (1). HR: Neto (3), off Hancock. RBIs: Neto (4). DP: Seattle 1.

Seattle IP H R ER BB SO ERA
Hancock L,1-1 6⅔ 4 1 1 0 5 0.71
Bazardo 1⅓ 0 0 0 0 2 2.45
Los Angeles IP H R ER BB SO ERA
Kchnerz, W,1-0 5⅔ 4 0 0 2 4 4.66
Lucchesi ⅓ 0 0 0 0 0 7.71
Silseth 1 0 0 0 0 1 0.00
Zeferjahn ⅔ 1 0 0 0 0 0.00
Pomeranz ⅓ 0 0 0 0 0 5.79
Romano, S,3 1 0 0 0 0 0 0.00

Inherited runners-scored: Bazardo 1-0, Silseth 2-0, Pomeranz 1-0. HBP: Lucchesi (Naylor). T: 2:28. Att.: 44,084.

LEADERS
Through Saturday
AMERICAN LEAGUE

BATTING: Rojo, Tampa Bay, .424; Alvarez, Houston, .423; Keith, Detroit, .417; Simpson, Tampa Bay, .414; Stanton, New York, .393; W.Abreu, Boston, .387; Nimmo, Texas, .375; Donovan, Seattle, .370; Rice, New York, .360; Fortes, Tampa Bay, .348.

HOME RUNS: DeLauter, Cleveland, 5; Langeliers, Athletics, 5; W.Abreu, Chicago, 4; Raley, Seattle, 3; Alvarez, Houston, 3; Seager, Texas, 3; Judge, New York, 3; W.Abreu, Boston, 3; 17 tied at 2.

ERA: Fried, New York, 0.00; Schlittler, New York, 0.00; Soriano, Los Angeles, 0.00; Skubal, Detroit, 0.69; Gausman, Toronto, 0.75; Valdez, Detroit, 0.75; Brown, Houston, 0.84; Bradley, Minnesota, 0.87; Tr.Rogers, Baltimore, 1.39; Woo, Seattle, 1.39.

NATIONAL LEAGUE

BATTING: Wiemer, Washington, .588; Pages, Los Angeles, .500; Edwards, Miami, .467; Stewart, Cincinnati, .407; Hicks, Miami, .400; O'Hearn, Pittsburgh, .360; Rumfield, Colorado, .360; Dubon, Atlanta, .357; Lowe, New York, .355; L.García, Washington, .345; Yelich, Milwaukee, .345.

HOME RUNS: Hicks, Miami, 3; Alvarez, New York, 3; B.Lowe, Pittsburgh, 3; Abrams, Washington, 3; Happ, Chicago, 3; Schwarber, Philadelphia, 3; Pages, Los Angeles, 3; Cruz, Pittsburgh, 3; Suarez, Cincinnati, 3; Baldwin, Atlanta, 3.

ERA: Alcantara, Miami, 0.00; Elder, Atlanta, 0.00; E.Rodriguez, Arizona, 0.00; Sale, Atlanta, 0.75; Vásquez, San Diego, 0.75; C.Sánchez, Philadelphia, 0.79; Soroka, Arizona, 0.90; Patrick, Milwaukee, 0.96; Mueller, Pittsburgh, 1.50; Liberatore, St. Louis, 1.64; Lowder, Cincinnati, 1.64; López, Atlanta, 1.64.
